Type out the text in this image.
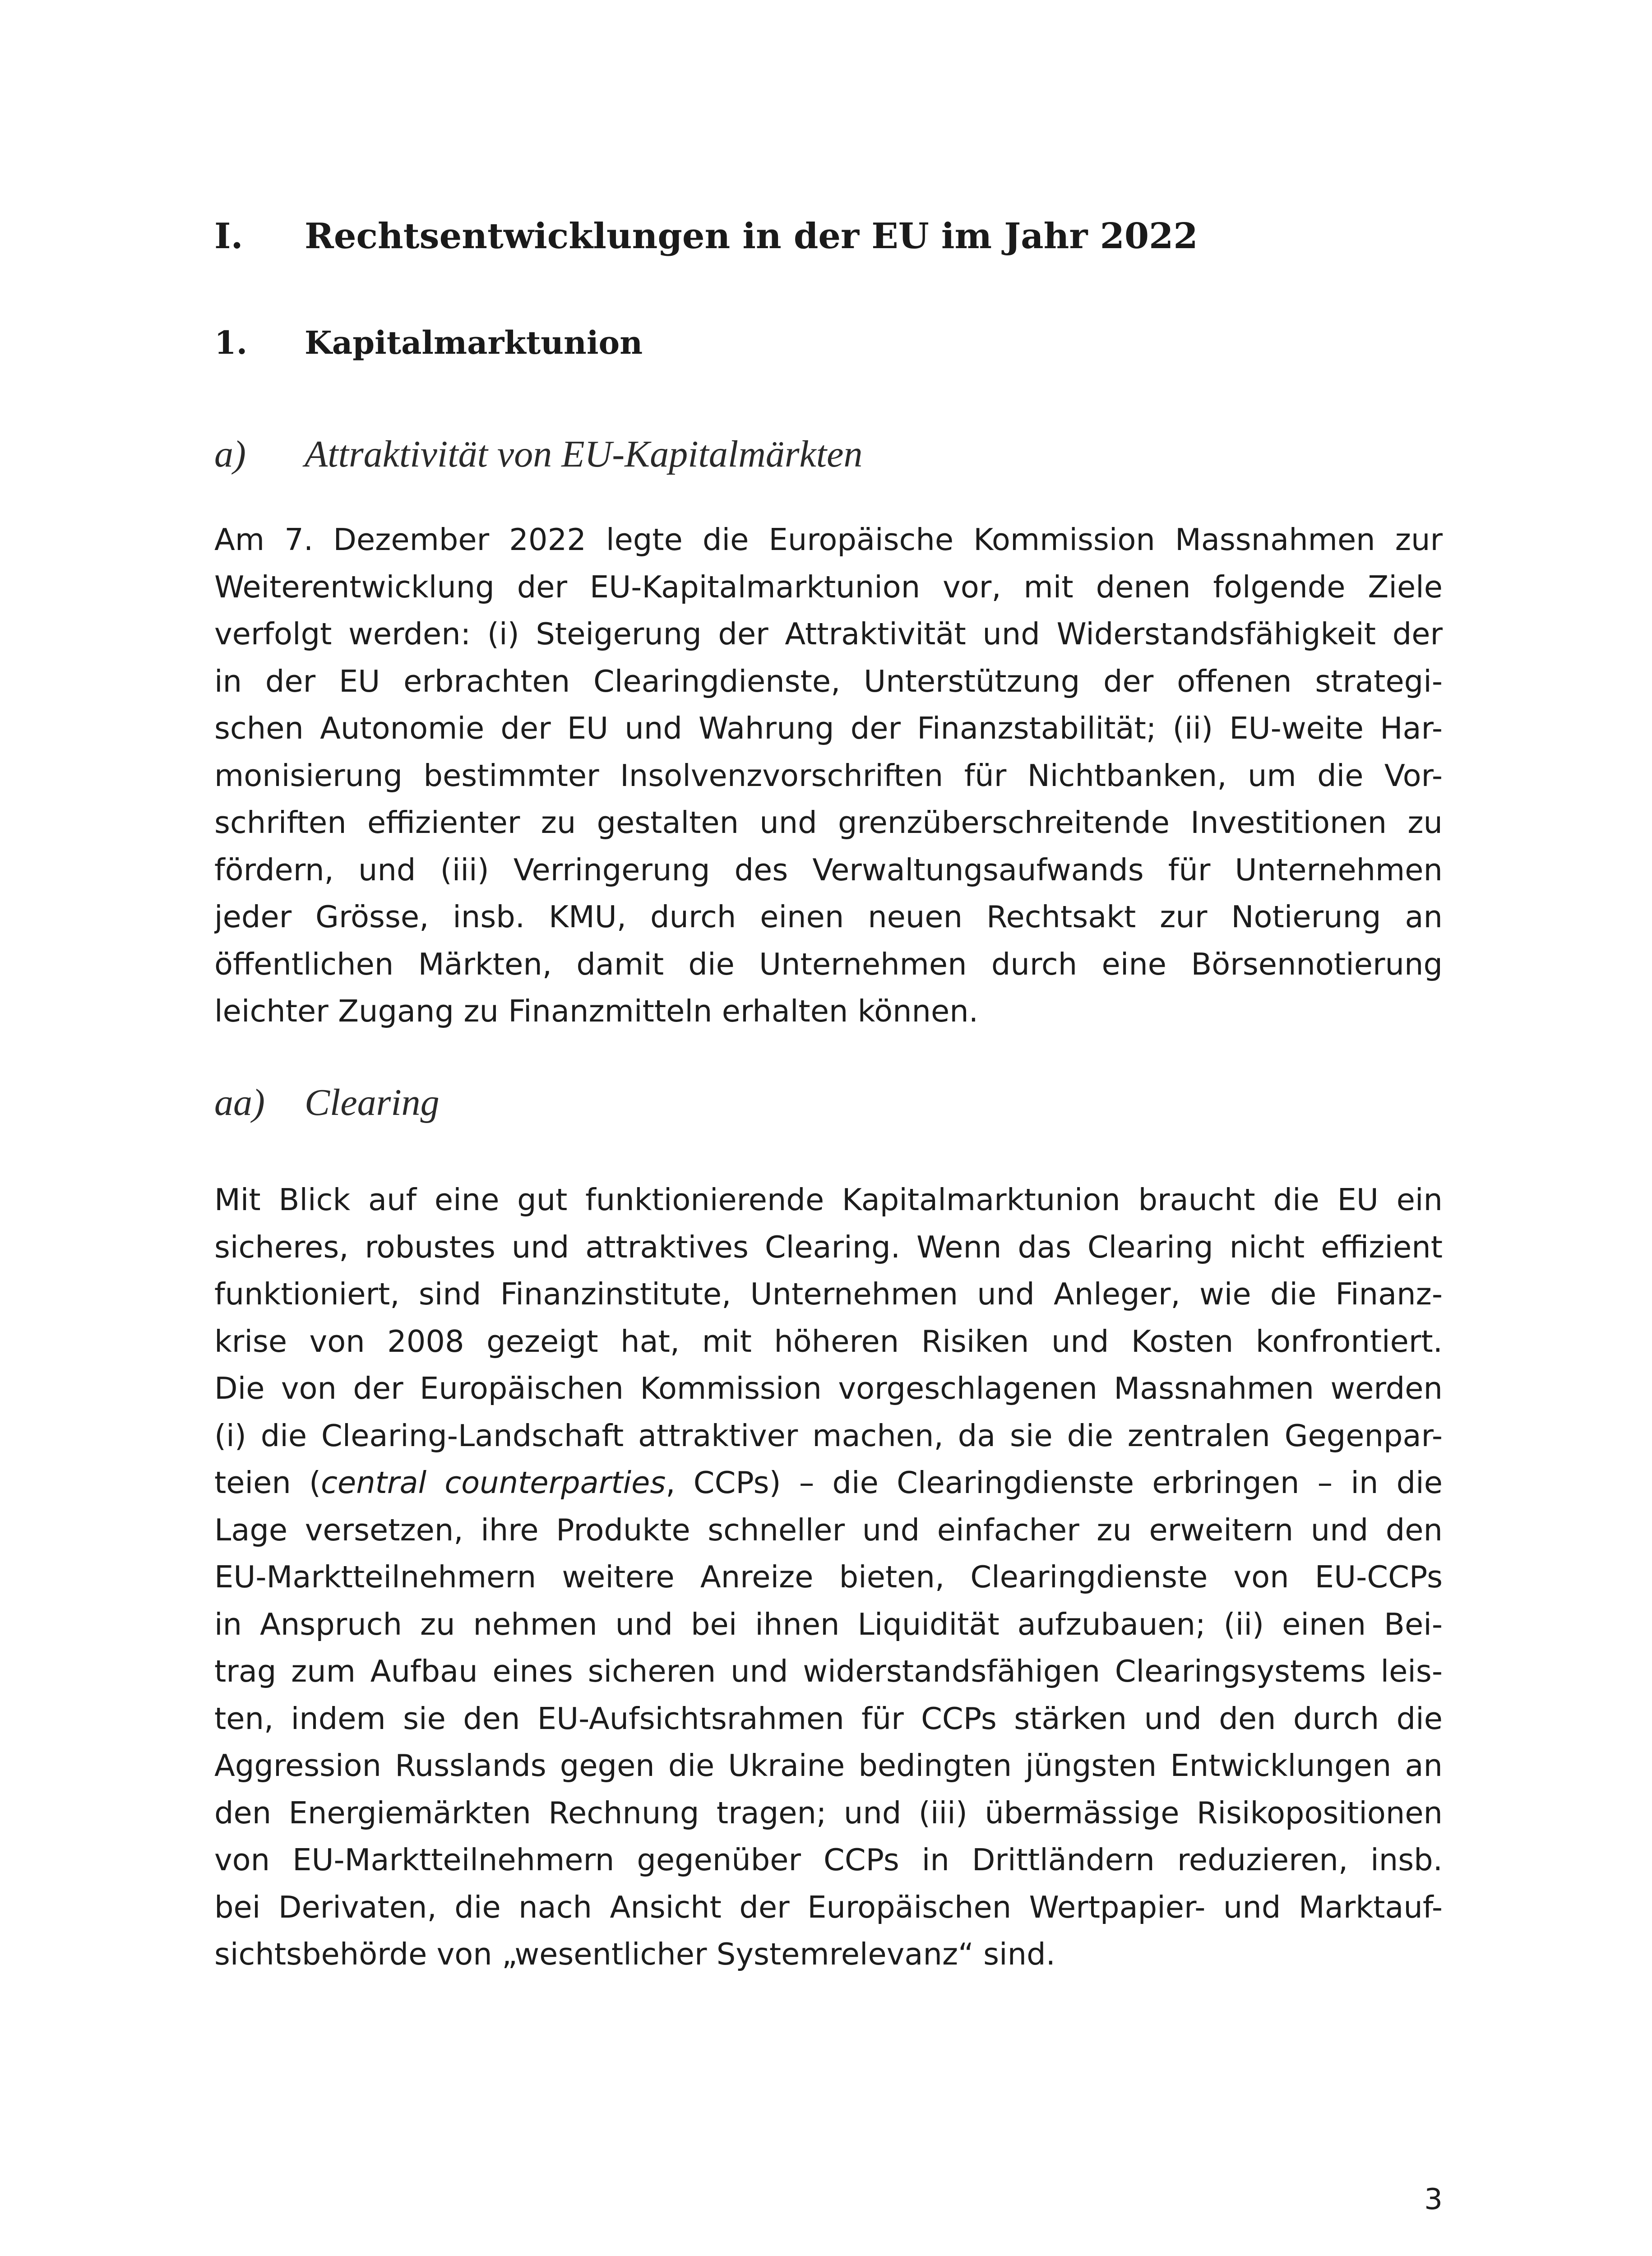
I. Rechtsentwicklungen in der EU im Jahr 2022
1. Kapitalmarktunion
a) Attraktivität von EU-Kapitalmärkten

Am 7. Dezember 2022 legte die Europäische Kommission Massnahmen zur
Weiterentwicklung der EU-Kapitalmarktunion vor, mit denen folgende Ziele
verfolgt werden: (i) Steigerung der Attraktivität und Widerstandsfähigkeit der
in der EU erbrachten Clearingdienste, Unterstützung der offenen strategi-
schen Autonomie der EU und Wahrung der Finanzstabilität; (ii) EU-weite Har-
monisierung bestimmter Insolvenzvorschriften für Nichtbanken, um die Vor-
schriften effizienter zu gestalten und grenzüberschreitende Investitionen zu
fördern, und (iii) Verringerung des Verwaltungsaufwands für Unternehmen
jeder Grösse, insb. KMU, durch einen neuen Rechtsakt zur Notierung an
öffentlichen Märkten, damit die Unternehmen durch eine Börsennotierung
leichter Zugang zu Finanzmitteln erhalten können.

aa) Clearing

Mit Blick auf eine gut funktionierende Kapitalmarktunion braucht die EU ein
sicheres, robustes und attraktives Clearing. Wenn das Clearing nicht effizient
funktioniert, sind Finanzinstitute, Unternehmen und Anleger, wie die Finanz-
krise von 2008 gezeigt hat, mit höheren Risiken und Kosten konfrontiert.
Die von der Europäischen Kommission vorgeschlagenen Massnahmen werden
(i) die Clearing-Landschaft attraktiver machen, da sie die zentralen Gegenpar-
teien (central counterparties, CCPs) – die Clearingdienste erbringen – in die
Lage versetzen, ihre Produkte schneller und einfacher zu erweitern und den
EU-Marktteilnehmern weitere Anreize bieten, Clearingdienste von EU-CCPs
in Anspruch zu nehmen und bei ihnen Liquidität aufzubauen; (ii) einen Bei-
trag zum Aufbau eines sicheren und widerstandsfähigen Clearingsystems leis-
ten, indem sie den EU-Aufsichtsrahmen für CCPs stärken und den durch die
Aggression Russlands gegen die Ukraine bedingten jüngsten Entwicklungen an
den Energiemärkten Rechnung tragen; und (iii) übermässige Risikopositionen
von EU-Marktteilnehmern gegenüber CCPs in Drittländern reduzieren, insb.
bei Derivaten, die nach Ansicht der Europäischen Wertpapier- und Marktauf-
sichtsbehörde von „wesentlicher Systemrelevanz“ sind.

3
